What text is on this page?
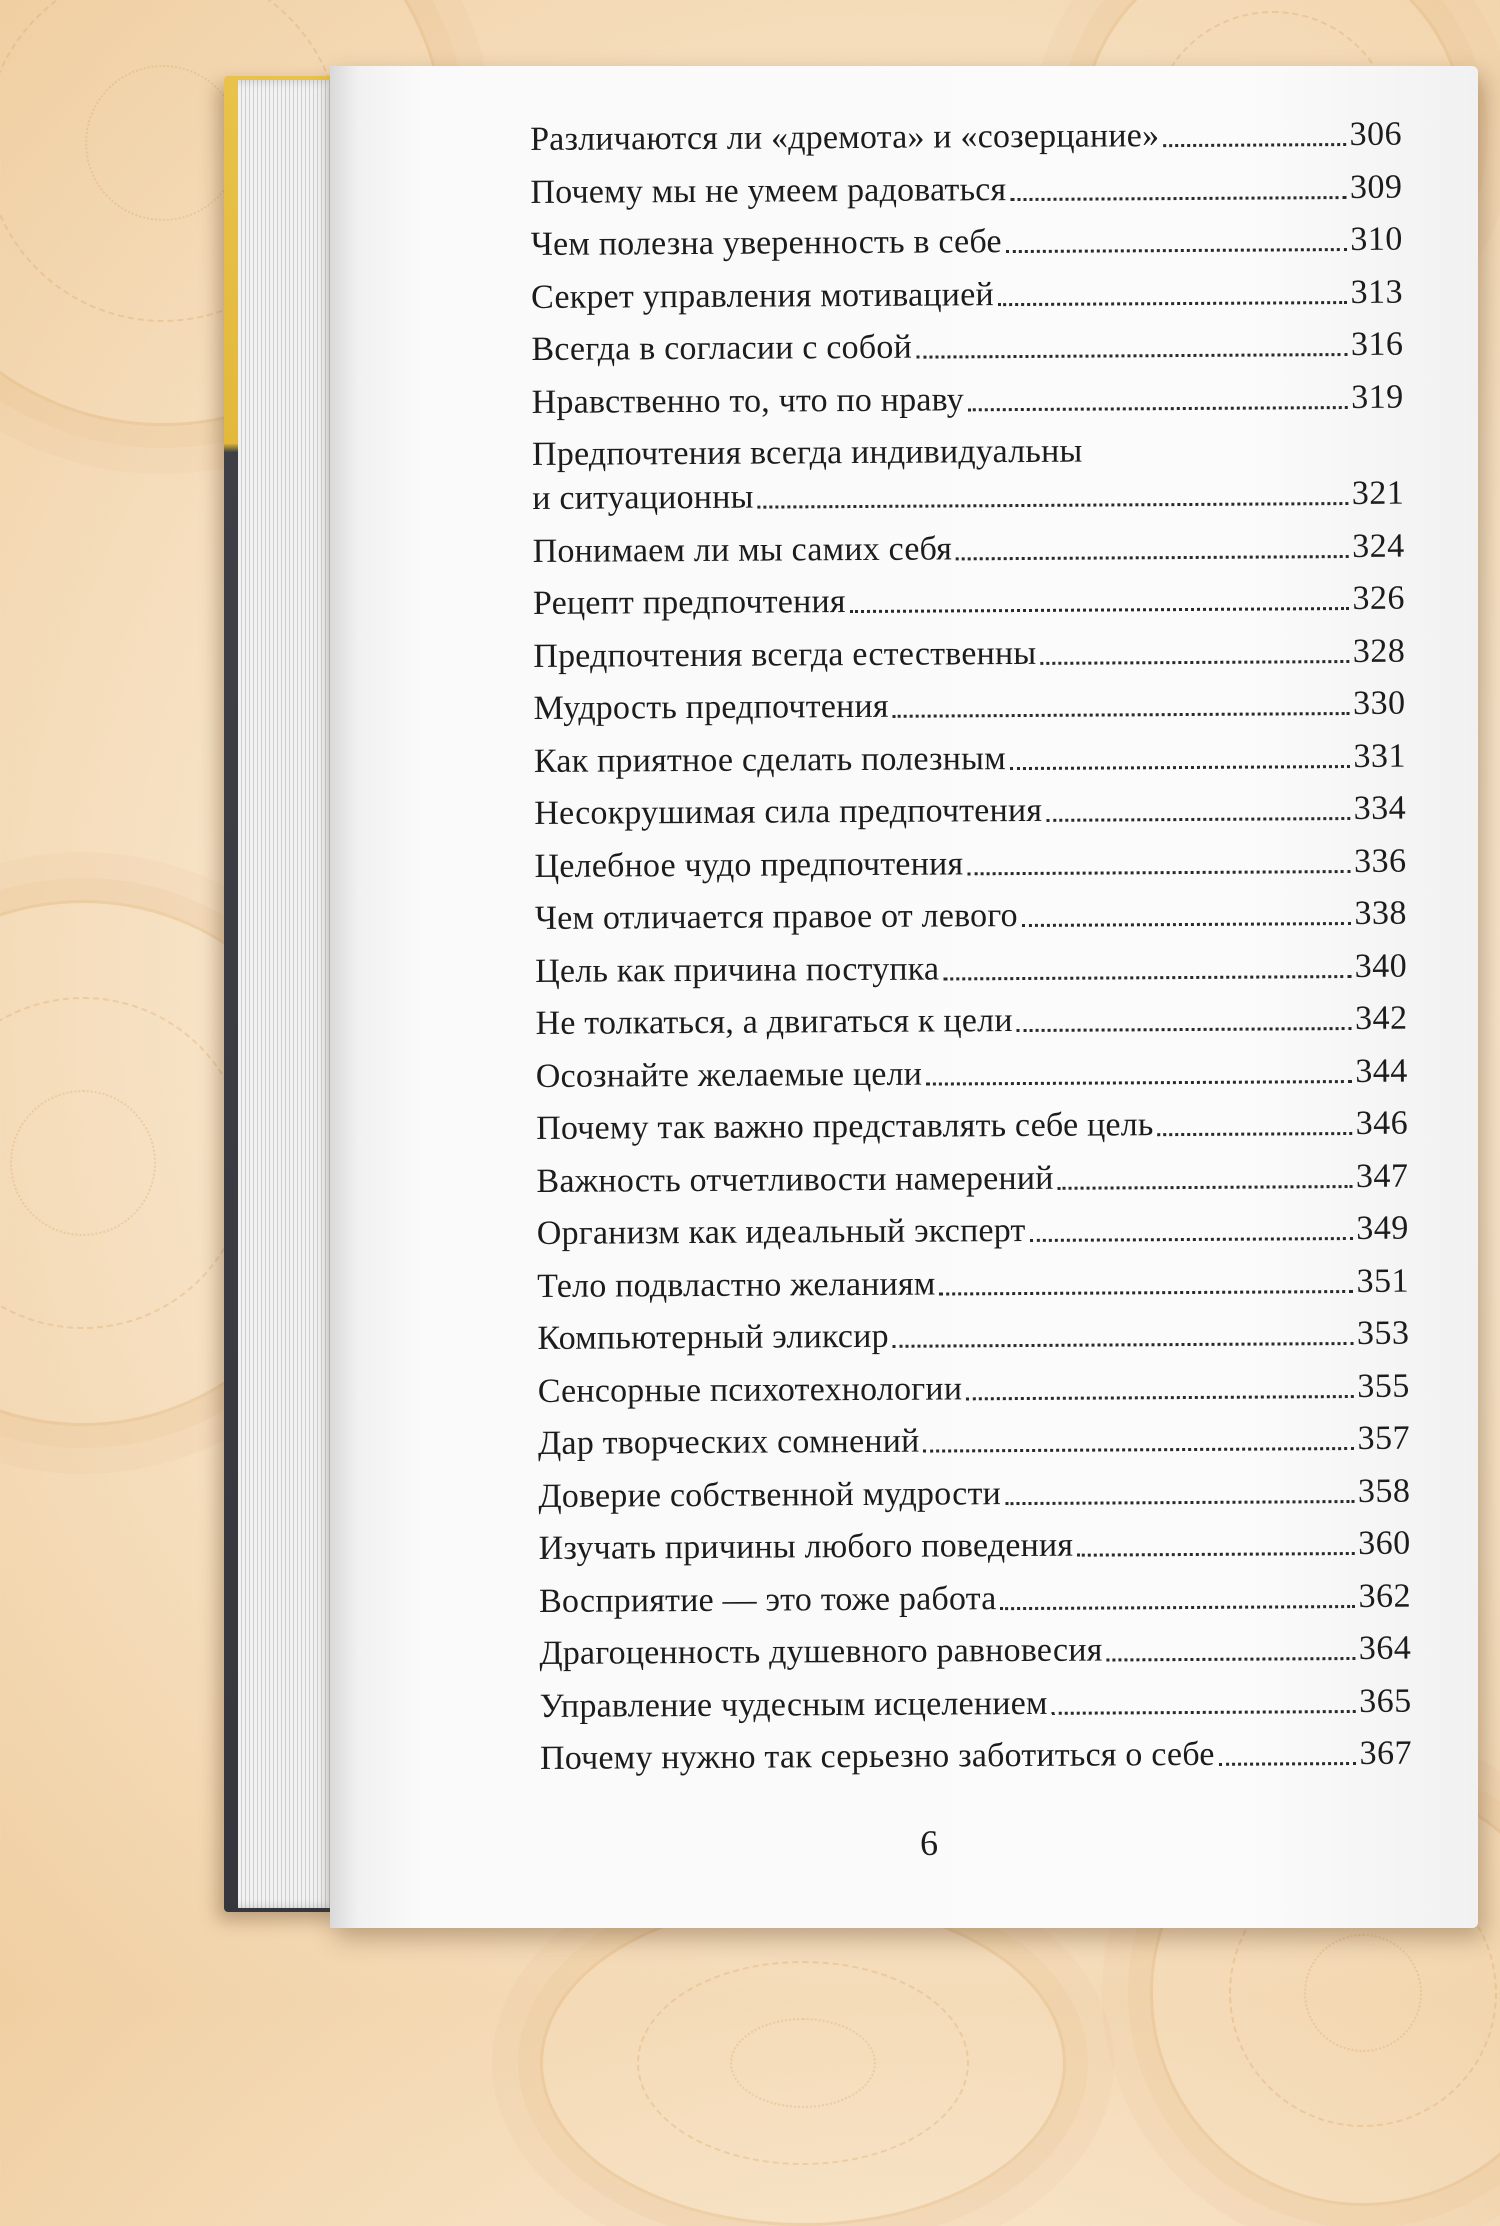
Различаются ли «дремота» и «созерцание»	306
Почему мы не умеем радоваться	309
Чем полезна уверенность в себе	310
Секрет управления мотивацией	313
Всегда в согласии с собой	316
Нравственно то, что по нраву	319
Предпочтения всегда индивидуальны
и ситуационны	321
Понимаем ли мы самих себя	324
Рецепт предпочтения	326
Предпочтения всегда естественны	328
Мудрость предпочтения	330
Как приятное сделать полезным	331
Несокрушимая сила предпочтения	334
Целебное чудо предпочтения	336
Чем отличается правое от левого	338
Цель как причина поступка	340
Не толкаться, а двигаться к цели	342
Осознайте желаемые цели	344
Почему так важно представлять себе цель	346
Важность отчетливости намерений	347
Организм как идеальный эксперт	349
Тело подвластно желаниям	351
Компьютерный эликсир	353
Сенсорные психотехнологии	355
Дар творческих сомнений	357
Доверие собственной мудрости	358
Изучать причины любого поведения	360
Восприятие — это тоже работа	362
Драгоценность душевного равновесия	364
Управление чудесным исцелением	365
Почему нужно так серьезно заботиться о себе	367
6
